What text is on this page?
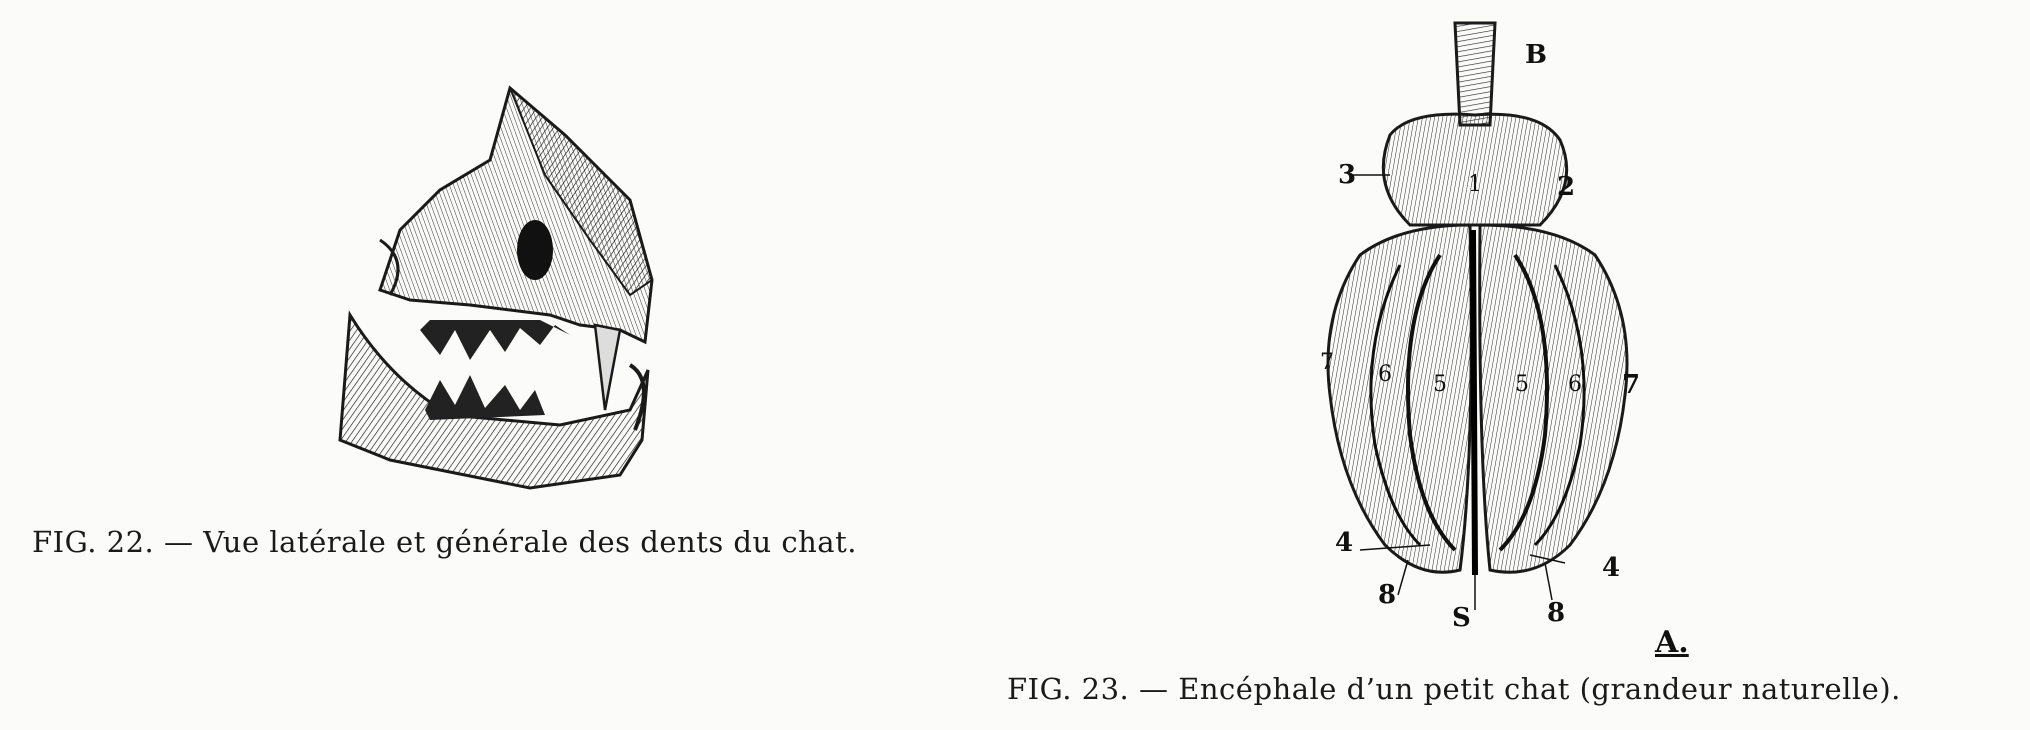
FIG. 22. — Vue latérale et générale des dents du chat.
B
1	2
3
7 6 5	5 6 7
4
4
8
8
S
A.
FIG. 23. — Encéphale d’un petit chat (grandeur naturelle).
